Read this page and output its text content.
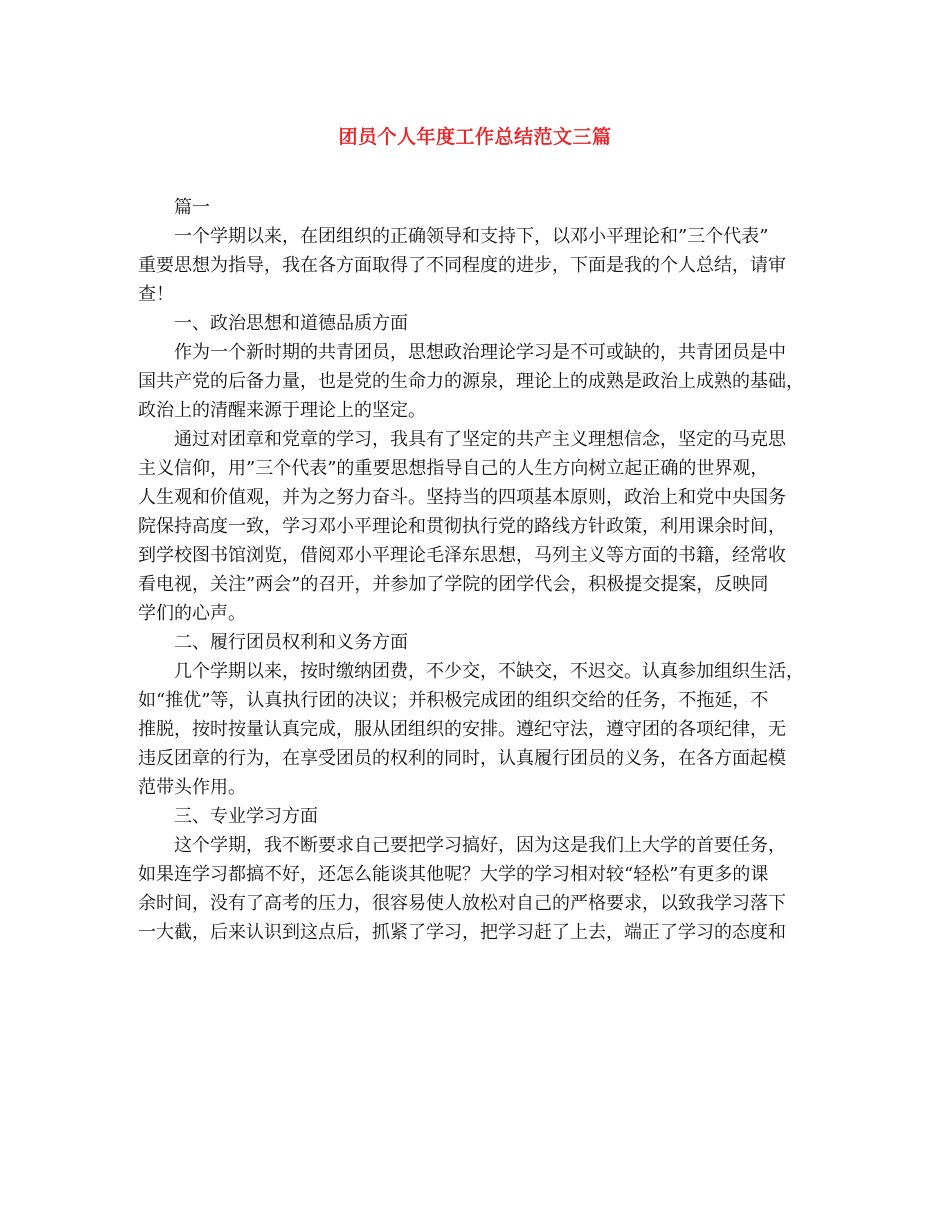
团员个人年度工作总结范文三篇
篇一
一个学期以来，在团组织的正确领导和支持下，以邓小平理论和”三个代表”
重要思想为指导，我在各方面取得了不同程度的进步，下面是我的个人总结，请审
查！
一、政治思想和道德品质方面
作为一个新时期的共青团员，思想政治理论学习是不可或缺的，共青团员是中
国共产党的后备力量，也是党的生命力的源泉，理论上的成熟是政治上成熟的基础，
政治上的清醒来源于理论上的坚定。
通过对团章和党章的学习，我具有了坚定的共产主义理想信念，坚定的马克思
主义信仰，用”三个代表”的重要思想指导自己的人生方向树立起正确的世界观，
人生观和价值观，并为之努力奋斗。坚持当的四项基本原则，政治上和党中央国务
院保持高度一致，学习邓小平理论和贯彻执行党的路线方针政策，利用课余时间，
到学校图书馆浏览，借阅邓小平理论毛泽东思想，马列主义等方面的书籍，经常收
看电视，关注”两会”的召开，并参加了学院的团学代会，积极提交提案，反映同
学们的心声。
二、履行团员权利和义务方面
几个学期以来，按时缴纳团费，不少交，不缺交，不迟交。认真参加组织生活，
如“推优”等，认真执行团的决议；并积极完成团的组织交给的任务，不拖延，不
推脱，按时按量认真完成，服从团组织的安排。遵纪守法，遵守团的各项纪律，无
违反团章的行为，在享受团员的权利的同时，认真履行团员的义务，在各方面起模
范带头作用。
三、专业学习方面
这个学期，我不断要求自己要把学习搞好，因为这是我们上大学的首要任务，
如果连学习都搞不好，还怎么能谈其他呢？大学的学习相对较“轻松”有更多的课
余时间，没有了高考的压力，很容易使人放松对自己的严格要求，以致我学习落下
一大截，后来认识到这点后，抓紧了学习，把学习赶了上去，端正了学习的态度和
